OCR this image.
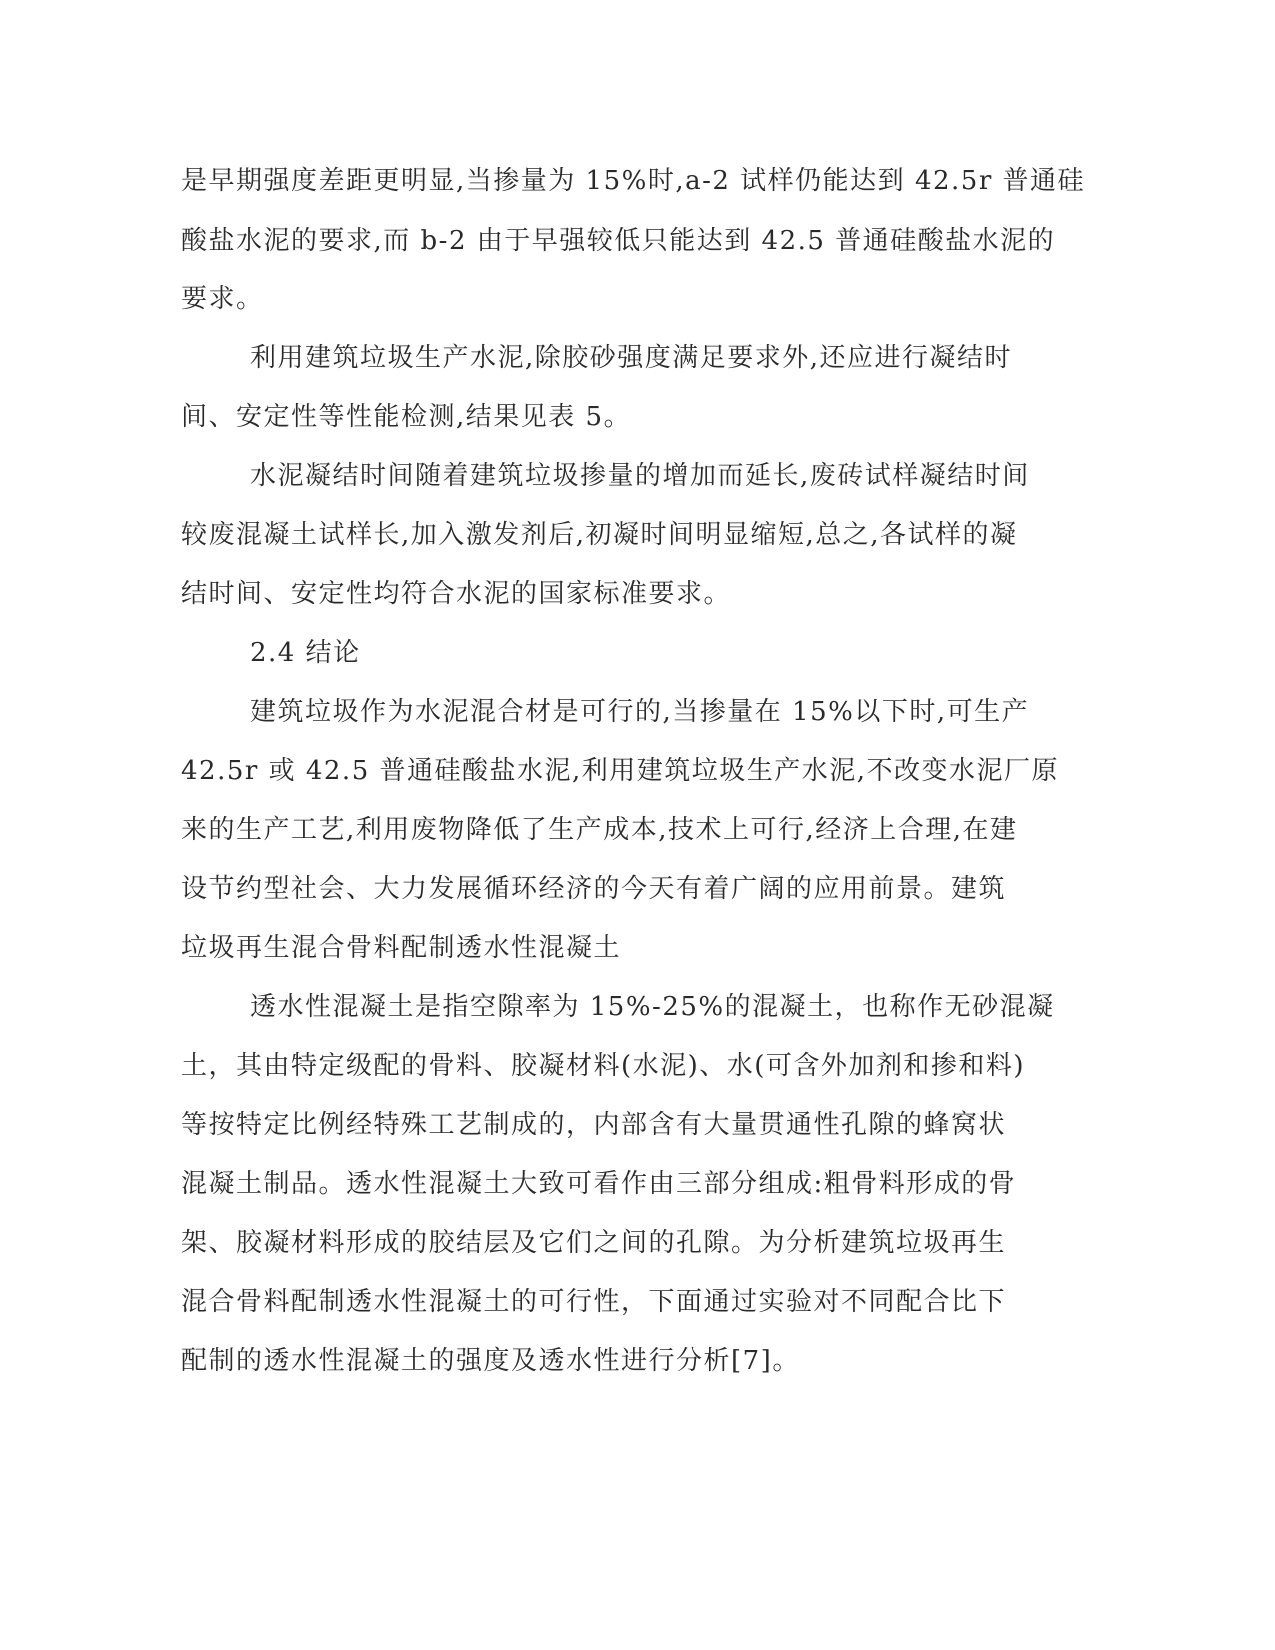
是早期强度差距更明显,当掺量为 15%时,a-2 试样仍能达到 42.5r 普通硅
酸盐水泥的要求,而 b-2 由于早强较低只能达到 42.5 普通硅酸盐水泥的
要求。
利用建筑垃圾生产水泥,除胶砂强度满足要求外,还应进行凝结时
间、安定性等性能检测,结果见表 5。
水泥凝结时间随着建筑垃圾掺量的增加而延长,废砖试样凝结时间
较废混凝土试样长,加入激发剂后,初凝时间明显缩短,总之,各试样的凝
结时间、安定性均符合水泥的国家标准要求。
2.4 结论
建筑垃圾作为水泥混合材是可行的,当掺量在 15%以下时,可生产
42.5r 或 42.5 普通硅酸盐水泥,利用建筑垃圾生产水泥,不改变水泥厂原
来的生产工艺,利用废物降低了生产成本,技术上可行,经济上合理,在建
设节约型社会、大力发展循环经济的今天有着广阔的应用前景。建筑
垃圾再生混合骨料配制透水性混凝土
透水性混凝土是指空隙率为 15%-25%的混凝土，也称作无砂混凝
土，其由特定级配的骨料、胶凝材料(水泥)、水(可含外加剂和掺和料)
等按特定比例经特殊工艺制成的，内部含有大量贯通性孔隙的蜂窝状
混凝土制品。透水性混凝土大致可看作由三部分组成:粗骨料形成的骨
架、胶凝材料形成的胶结层及它们之间的孔隙。为分析建筑垃圾再生
混合骨料配制透水性混凝土的可行性，下面通过实验对不同配合比下
配制的透水性混凝土的强度及透水性进行分析[7]。
